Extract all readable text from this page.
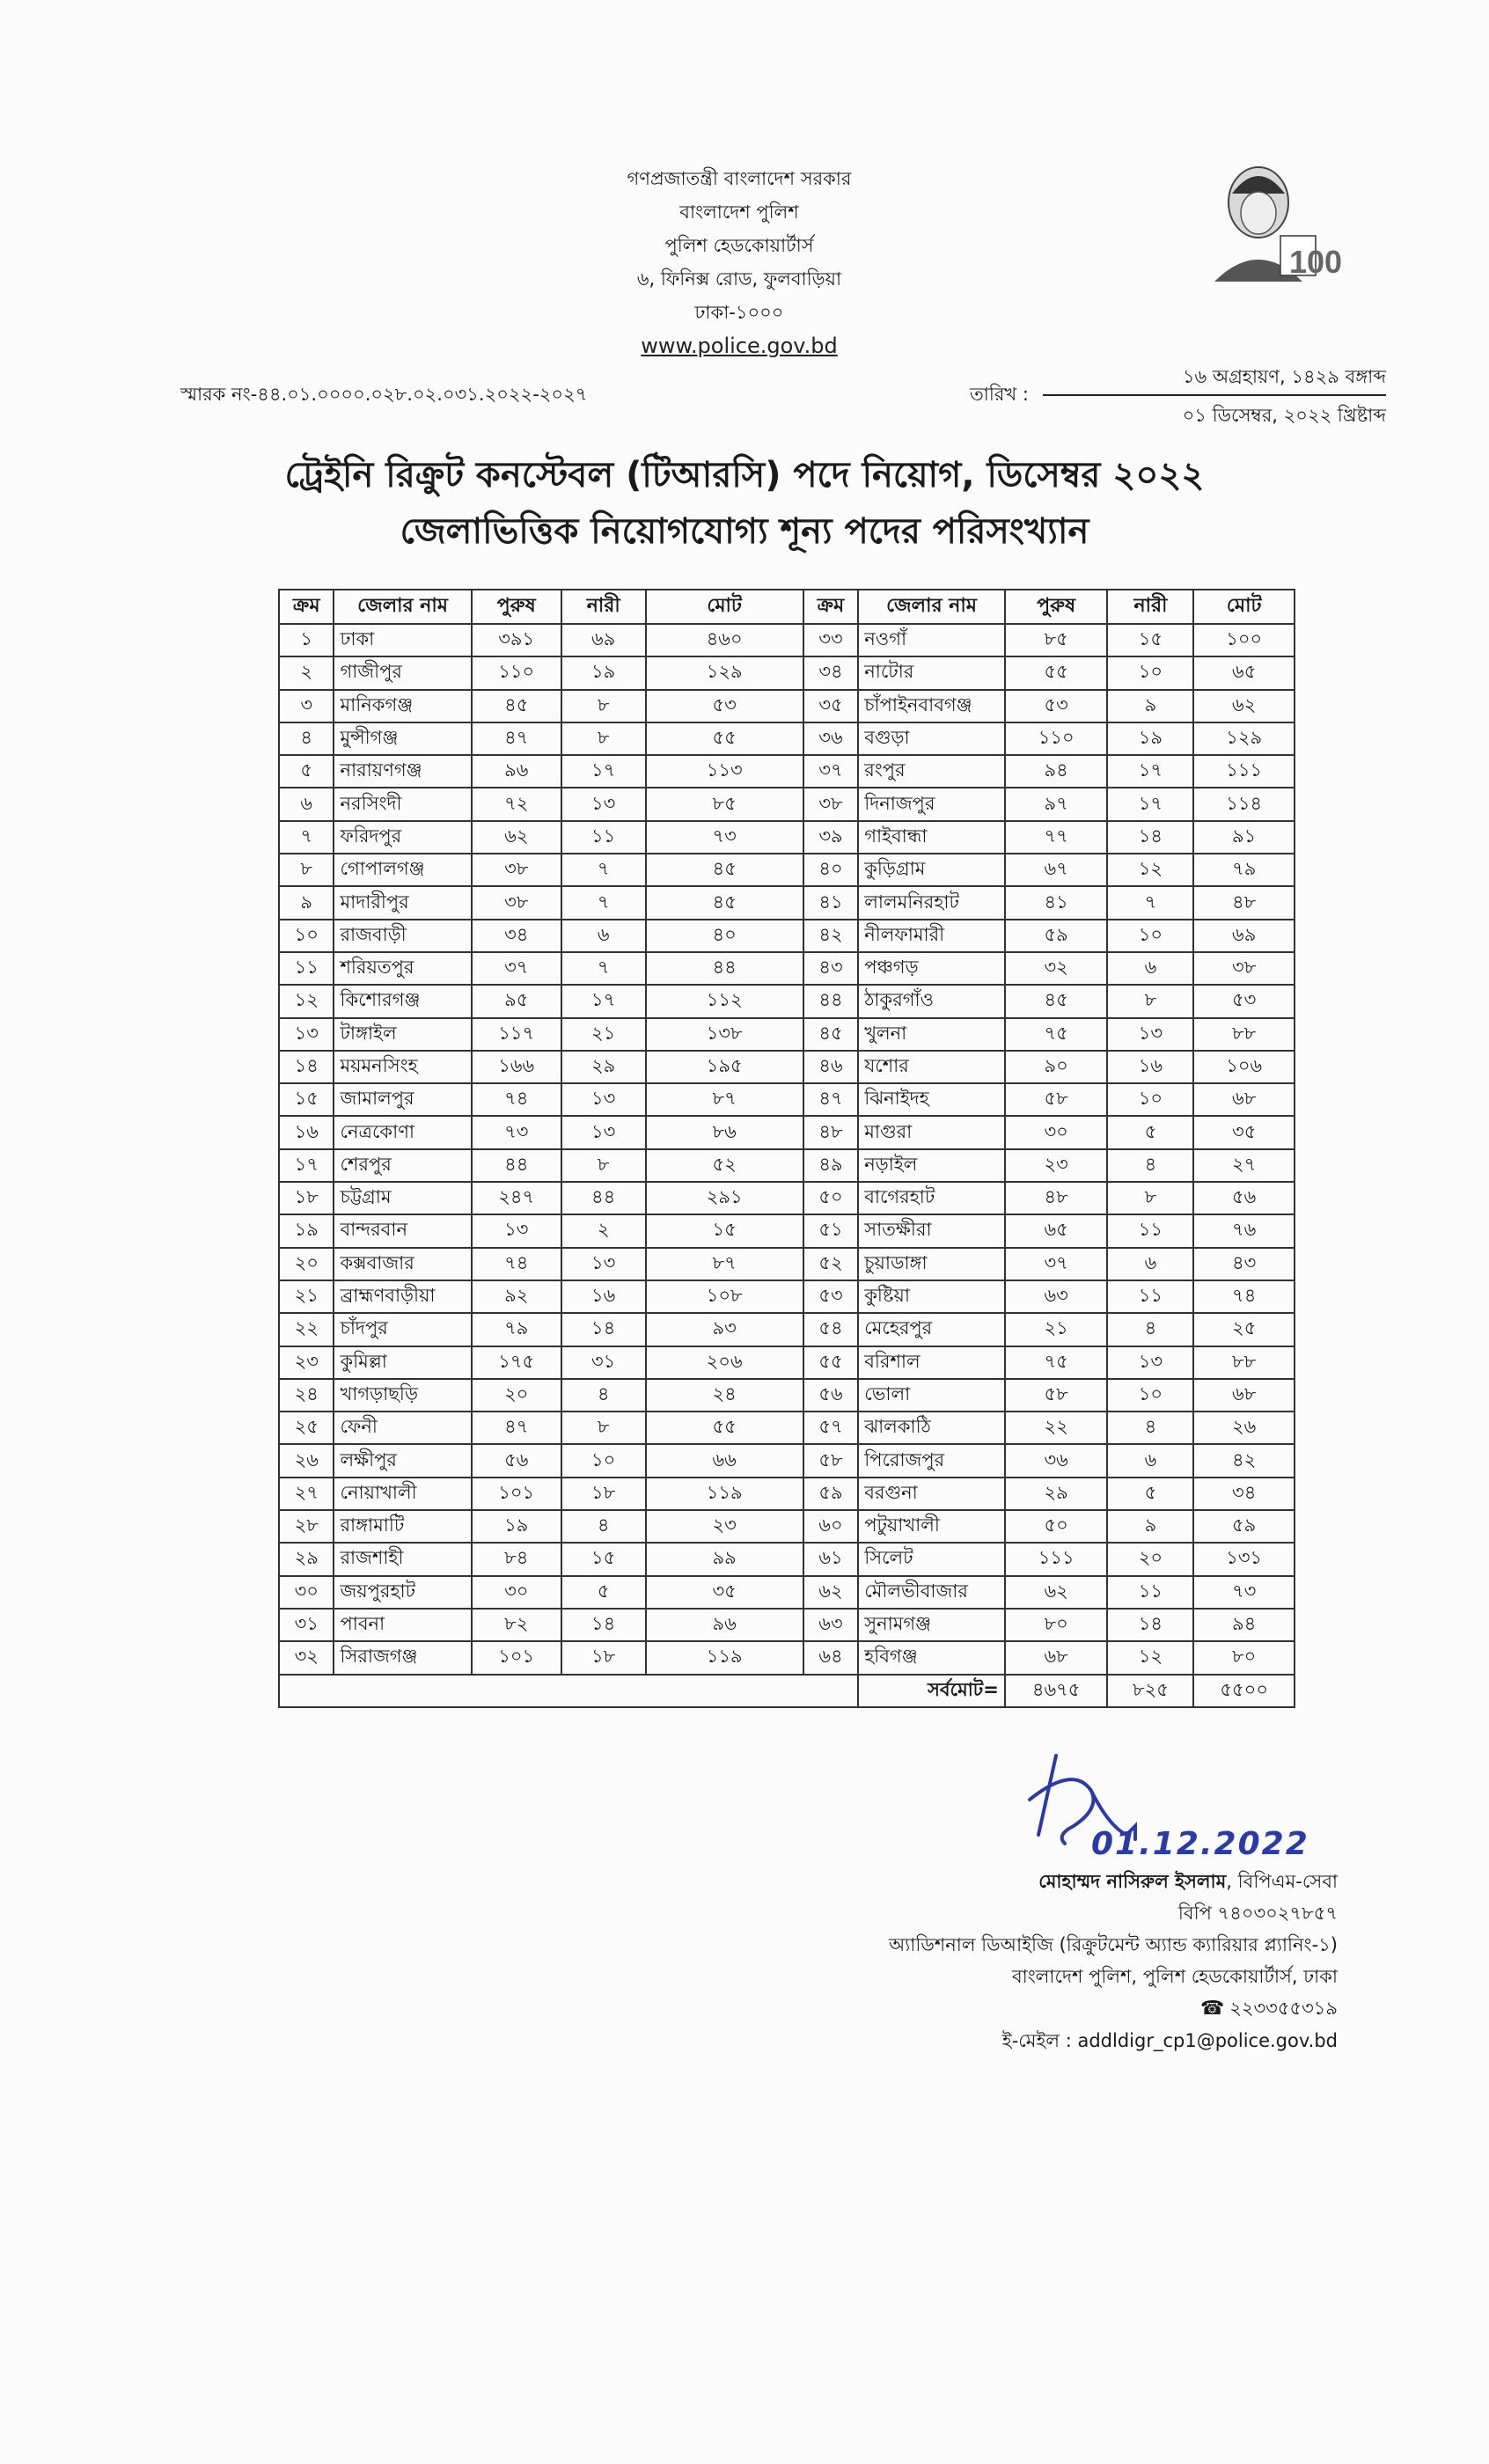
গণপ্রজাতন্ত্রী বাংলাদেশ সরকার
বাংলাদেশ পুলিশ
পুলিশ হেডকোয়ার্টার্স
৬, ফিনিক্স রোড, ফুলবাড়িয়া
ঢাকা-১০০০
www.police.gov.bd
100
স্মারক নং-৪৪.০১.০০০০.০২৮.০২.০৩১.২০২২-২০২৭	তারিখ :
১৬ অগ্রহায়ণ, ১৪২৯ বঙ্গাব্দ
০১ ডিসেম্বর, ২০২২ খ্রিষ্টাব্দ
ট্রেইনি রিক্রুট কনস্টেবল (টিআরসি) পদে নিয়োগ, ডিসেম্বর ২০২২
জেলাভিত্তিক নিয়োগযোগ্য শূন্য পদের পরিসংখ্যান
ক্রম	জেলার নাম	পুরুষ	নারী	মোট	ক্রম	জেলার নাম	পুরুষ	নারী	মোট
১	ঢাকা	৩৯১	৬৯	৪৬০	৩৩	নওগাঁ	৮৫	১৫	১০০
২	গাজীপুর	১১০	১৯	১২৯	৩৪	নাটোর	৫৫	১০	৬৫
৩	মানিকগঞ্জ	৪৫	৮	৫৩	৩৫	চাঁপাইনবাবগঞ্জ	৫৩	৯	৬২
৪	মুন্সীগঞ্জ	৪৭	৮	৫৫	৩৬	বগুড়া	১১০	১৯	১২৯
৫	নারায়ণগঞ্জ	৯৬	১৭	১১৩	৩৭	রংপুর	৯৪	১৭	১১১
৬	নরসিংদী	৭২	১৩	৮৫	৩৮	দিনাজপুর	৯৭	১৭	১১৪
৭	ফরিদপুর	৬২	১১	৭৩	৩৯	গাইবান্ধা	৭৭	১৪	৯১
৮	গোপালগঞ্জ	৩৮	৭	৪৫	৪০	কুড়িগ্রাম	৬৭	১২	৭৯
৯	মাদারীপুর	৩৮	৭	৪৫	৪১	লালমনিরহাট	৪১	৭	৪৮
১০	রাজবাড়ী	৩৪	৬	৪০	৪২	নীলফামারী	৫৯	১০	৬৯
১১	শরিয়তপুর	৩৭	৭	৪৪	৪৩	পঞ্চগড়	৩২	৬	৩৮
১২	কিশোরগঞ্জ	৯৫	১৭	১১২	৪৪	ঠাকুরগাঁও	৪৫	৮	৫৩
১৩	টাঙ্গাইল	১১৭	২১	১৩৮	৪৫	খুলনা	৭৫	১৩	৮৮
১৪	ময়মনসিংহ	১৬৬	২৯	১৯৫	৪৬	যশোর	৯০	১৬	১০৬
১৫	জামালপুর	৭৪	১৩	৮৭	৪৭	ঝিনাইদহ	৫৮	১০	৬৮
১৬	নেত্রকোণা	৭৩	১৩	৮৬	৪৮	মাগুরা	৩০	৫	৩৫
১৭	শেরপুর	৪৪	৮	৫২	৪৯	নড়াইল	২৩	৪	২৭
১৮	চট্টগ্রাম	২৪৭	৪৪	২৯১	৫০	বাগেরহাট	৪৮	৮	৫৬
১৯	বান্দরবান	১৩	২	১৫	৫১	সাতক্ষীরা	৬৫	১১	৭৬
২০	কক্সবাজার	৭৪	১৩	৮৭	৫২	চুয়াডাঙ্গা	৩৭	৬	৪৩
২১	ব্রাহ্মণবাড়ীয়া	৯২	১৬	১০৮	৫৩	কুষ্টিয়া	৬৩	১১	৭৪
২২	চাঁদপুর	৭৯	১৪	৯৩	৫৪	মেহেরপুর	২১	৪	২৫
২৩	কুমিল্লা	১৭৫	৩১	২০৬	৫৫	বরিশাল	৭৫	১৩	৮৮
২৪	খাগড়াছড়ি	২০	৪	২৪	৫৬	ভোলা	৫৮	১০	৬৮
২৫	ফেনী	৪৭	৮	৫৫	৫৭	ঝালকাঠি	২২	৪	২৬
২৬	লক্ষীপুর	৫৬	১০	৬৬	৫৮	পিরোজপুর	৩৬	৬	৪২
২৭	নোয়াখালী	১০১	১৮	১১৯	৫৯	বরগুনা	২৯	৫	৩৪
২৮	রাঙ্গামাটি	১৯	৪	২৩	৬০	পটুয়াখালী	৫০	৯	৫৯
২৯	রাজশাহী	৮৪	১৫	৯৯	৬১	সিলেট	১১১	২০	১৩১
৩০	জয়পুরহাট	৩০	৫	৩৫	৬২	মৌলভীবাজার	৬২	১১	৭৩
৩১	পাবনা	৮২	১৪	৯৬	৬৩	সুনামগঞ্জ	৮০	১৪	৯৪
৩২	সিরাজগঞ্জ	১০১	১৮	১১৯	৬৪	হবিগঞ্জ	৬৮	১২	৮০
						সর্বমোট=	৪৬৭৫	৮২৫	৫৫০০
01.12.2022
মোহাম্মদ নাসিরুল ইসলাম, বিপিএম-সেবা
বিপি ৭৪০৩০২৭৮৫৭
অ্যাডিশনাল ডিআইজি (রিক্রুটমেন্ট অ্যান্ড ক্যারিয়ার প্ল্যানিং-১)
বাংলাদেশ পুলিশ, পুলিশ হেডকোয়ার্টার্স, ঢাকা
☎ ২২৩৩৫৫৩১৯
ই-মেইল : addldigr_cp1@police.gov.bd
